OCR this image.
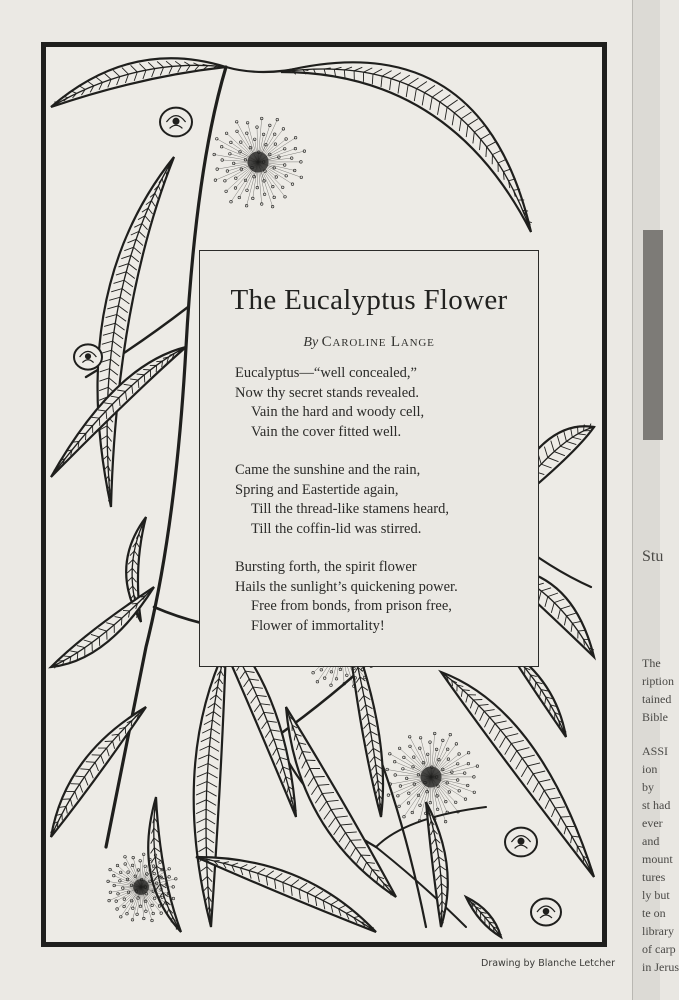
The Eucalyptus Flower
By Caroline Lange
Eucalyptus—“well concealed,”
Now thy secret stands revealed.
Vain the hard and woody cell,
Vain the cover fitted well.
Came the sunshine and the rain,
Spring and Eastertide again,
Till the thread-like stamens heard,
Till the coffin-lid was stirred.
Bursting forth, the spirit flower
Hails the sunlight’s quickening power.
Free from bonds, from prison free,
Flower of immortality!
Drawing by Blanche Letcher
Stu
The
ription
tained
Bible
ASSI
ion
by
st had
ever
and
mount
tures
ly but
te on
library
of carp
in Jerus
